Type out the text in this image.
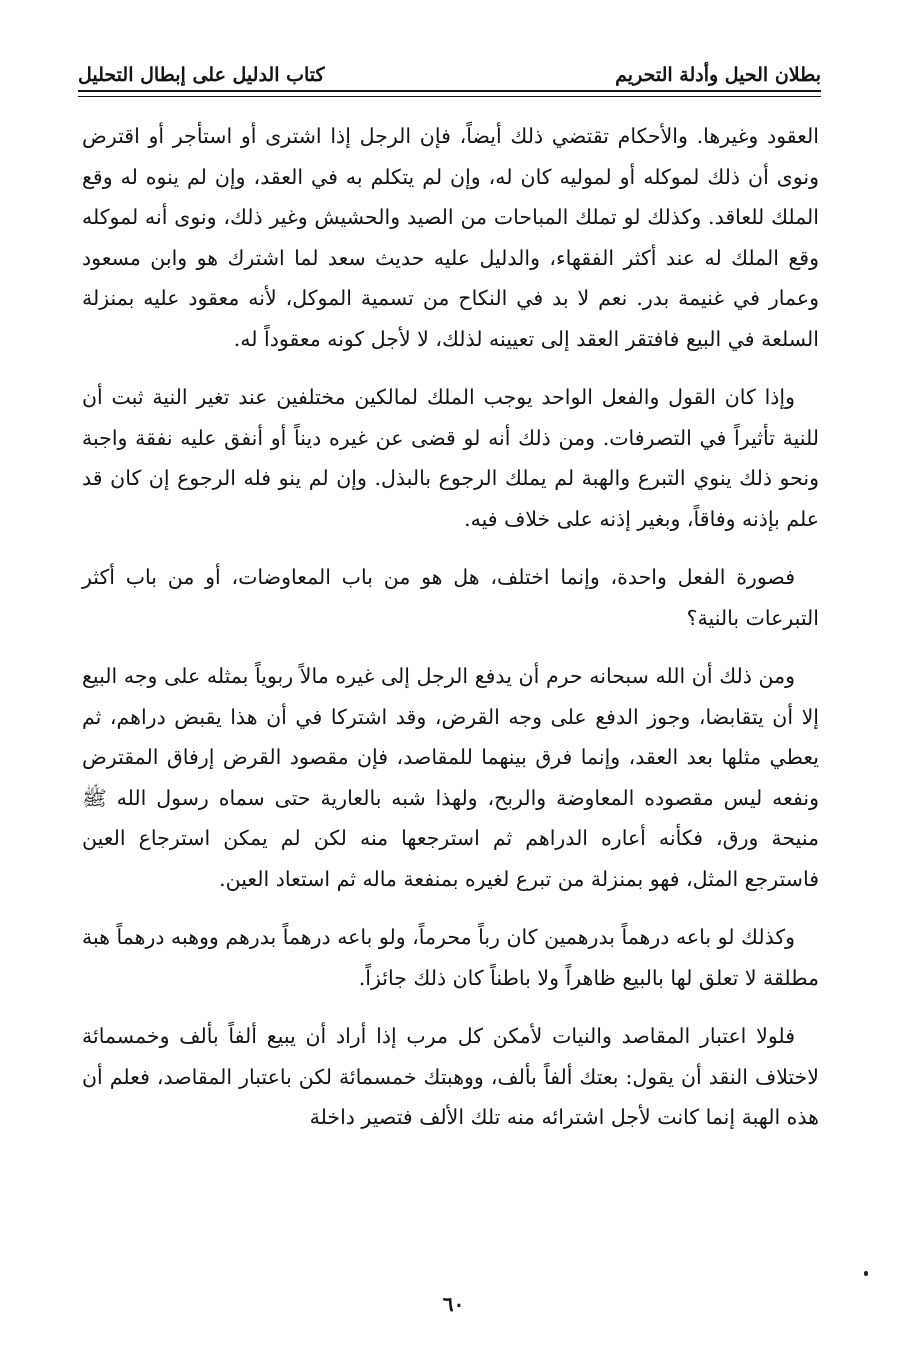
بطلان الحيل وأدلة التحريم
كتاب الدليل على إبطال التحليل

العقود وغيرها. والأحكام تقتضي ذلك أيضاً، فإن الرجل إذا اشترى أو استأجر أو اقترض ونوى أن ذلك لموكله أو لموليه كان له، وإن لم يتكلم به في العقد، وإن لم ينوه له وقع الملك للعاقد. وكذلك لو تملك المباحات من الصيد والحشيش وغير ذلك، ونوى أنه لموكله وقع الملك له عند أكثر الفقهاء، والدليل عليه حديث سعد لما اشترك هو وابن مسعود وعمار في غنيمة بدر. نعم لا بد في النكاح من تسمية الموكل، لأنه معقود عليه بمنزلة السلعة في البيع فافتقر العقد إلى تعيينه لذلك، لا لأجل كونه معقوداً له.

وإذا كان القول والفعل الواحد يوجب الملك لمالكين مختلفين عند تغير النية ثبت أن للنية تأثيراً في التصرفات. ومن ذلك أنه لو قضى عن غيره ديناً أو أنفق عليه نفقة واجبة ونحو ذلك ينوي التبرع والهبة لم يملك الرجوع بالبذل. وإن لم ينو فله الرجوع إن كان قد علم بإذنه وفاقاً، وبغير إذنه على خلاف فيه.

فصورة الفعل واحدة، وإنما اختلف، هل هو من باب المعاوضات، أو من باب أكثر التبرعات بالنية؟

ومن ذلك أن الله سبحانه حرم أن يدفع الرجل إلى غيره مالاً ربوياً بمثله على وجه البيع إلا أن يتقابضا، وجوز الدفع على وجه القرض، وقد اشتركا في أن هذا يقبض دراهم، ثم يعطي مثلها بعد العقد، وإنما فرق بينهما للمقاصد، فإن مقصود القرض إرفاق المقترض ونفعه ليس مقصوده المعاوضة والربح، ولهذا شبه بالعارية حتى سماه رسول الله ﷺ منيحة ورق، فكأنه أعاره الدراهم ثم استرجعها منه لكن لم يمكن استرجاع العين فاسترجع المثل، فهو بمنزلة من تبرع لغيره بمنفعة ماله ثم استعاد العين.

وكذلك لو باعه درهماً بدرهمين كان رباً محرماً، ولو باعه درهماً بدرهم ووهبه درهماً هبة مطلقة لا تعلق لها بالبيع ظاهراً ولا باطناً كان ذلك جائزاً.

فلولا اعتبار المقاصد والنيات لأمكن كل مرب إذا أراد أن يبيع ألفاً بألف وخمسمائة لاختلاف النقد أن يقول: بعتك ألفاً بألف، ووهبتك خمسمائة لكن باعتبار المقاصد، فعلم أن هذه الهبة إنما كانت لأجل اشترائه منه تلك الألف فتصير داخلة

٦٠
